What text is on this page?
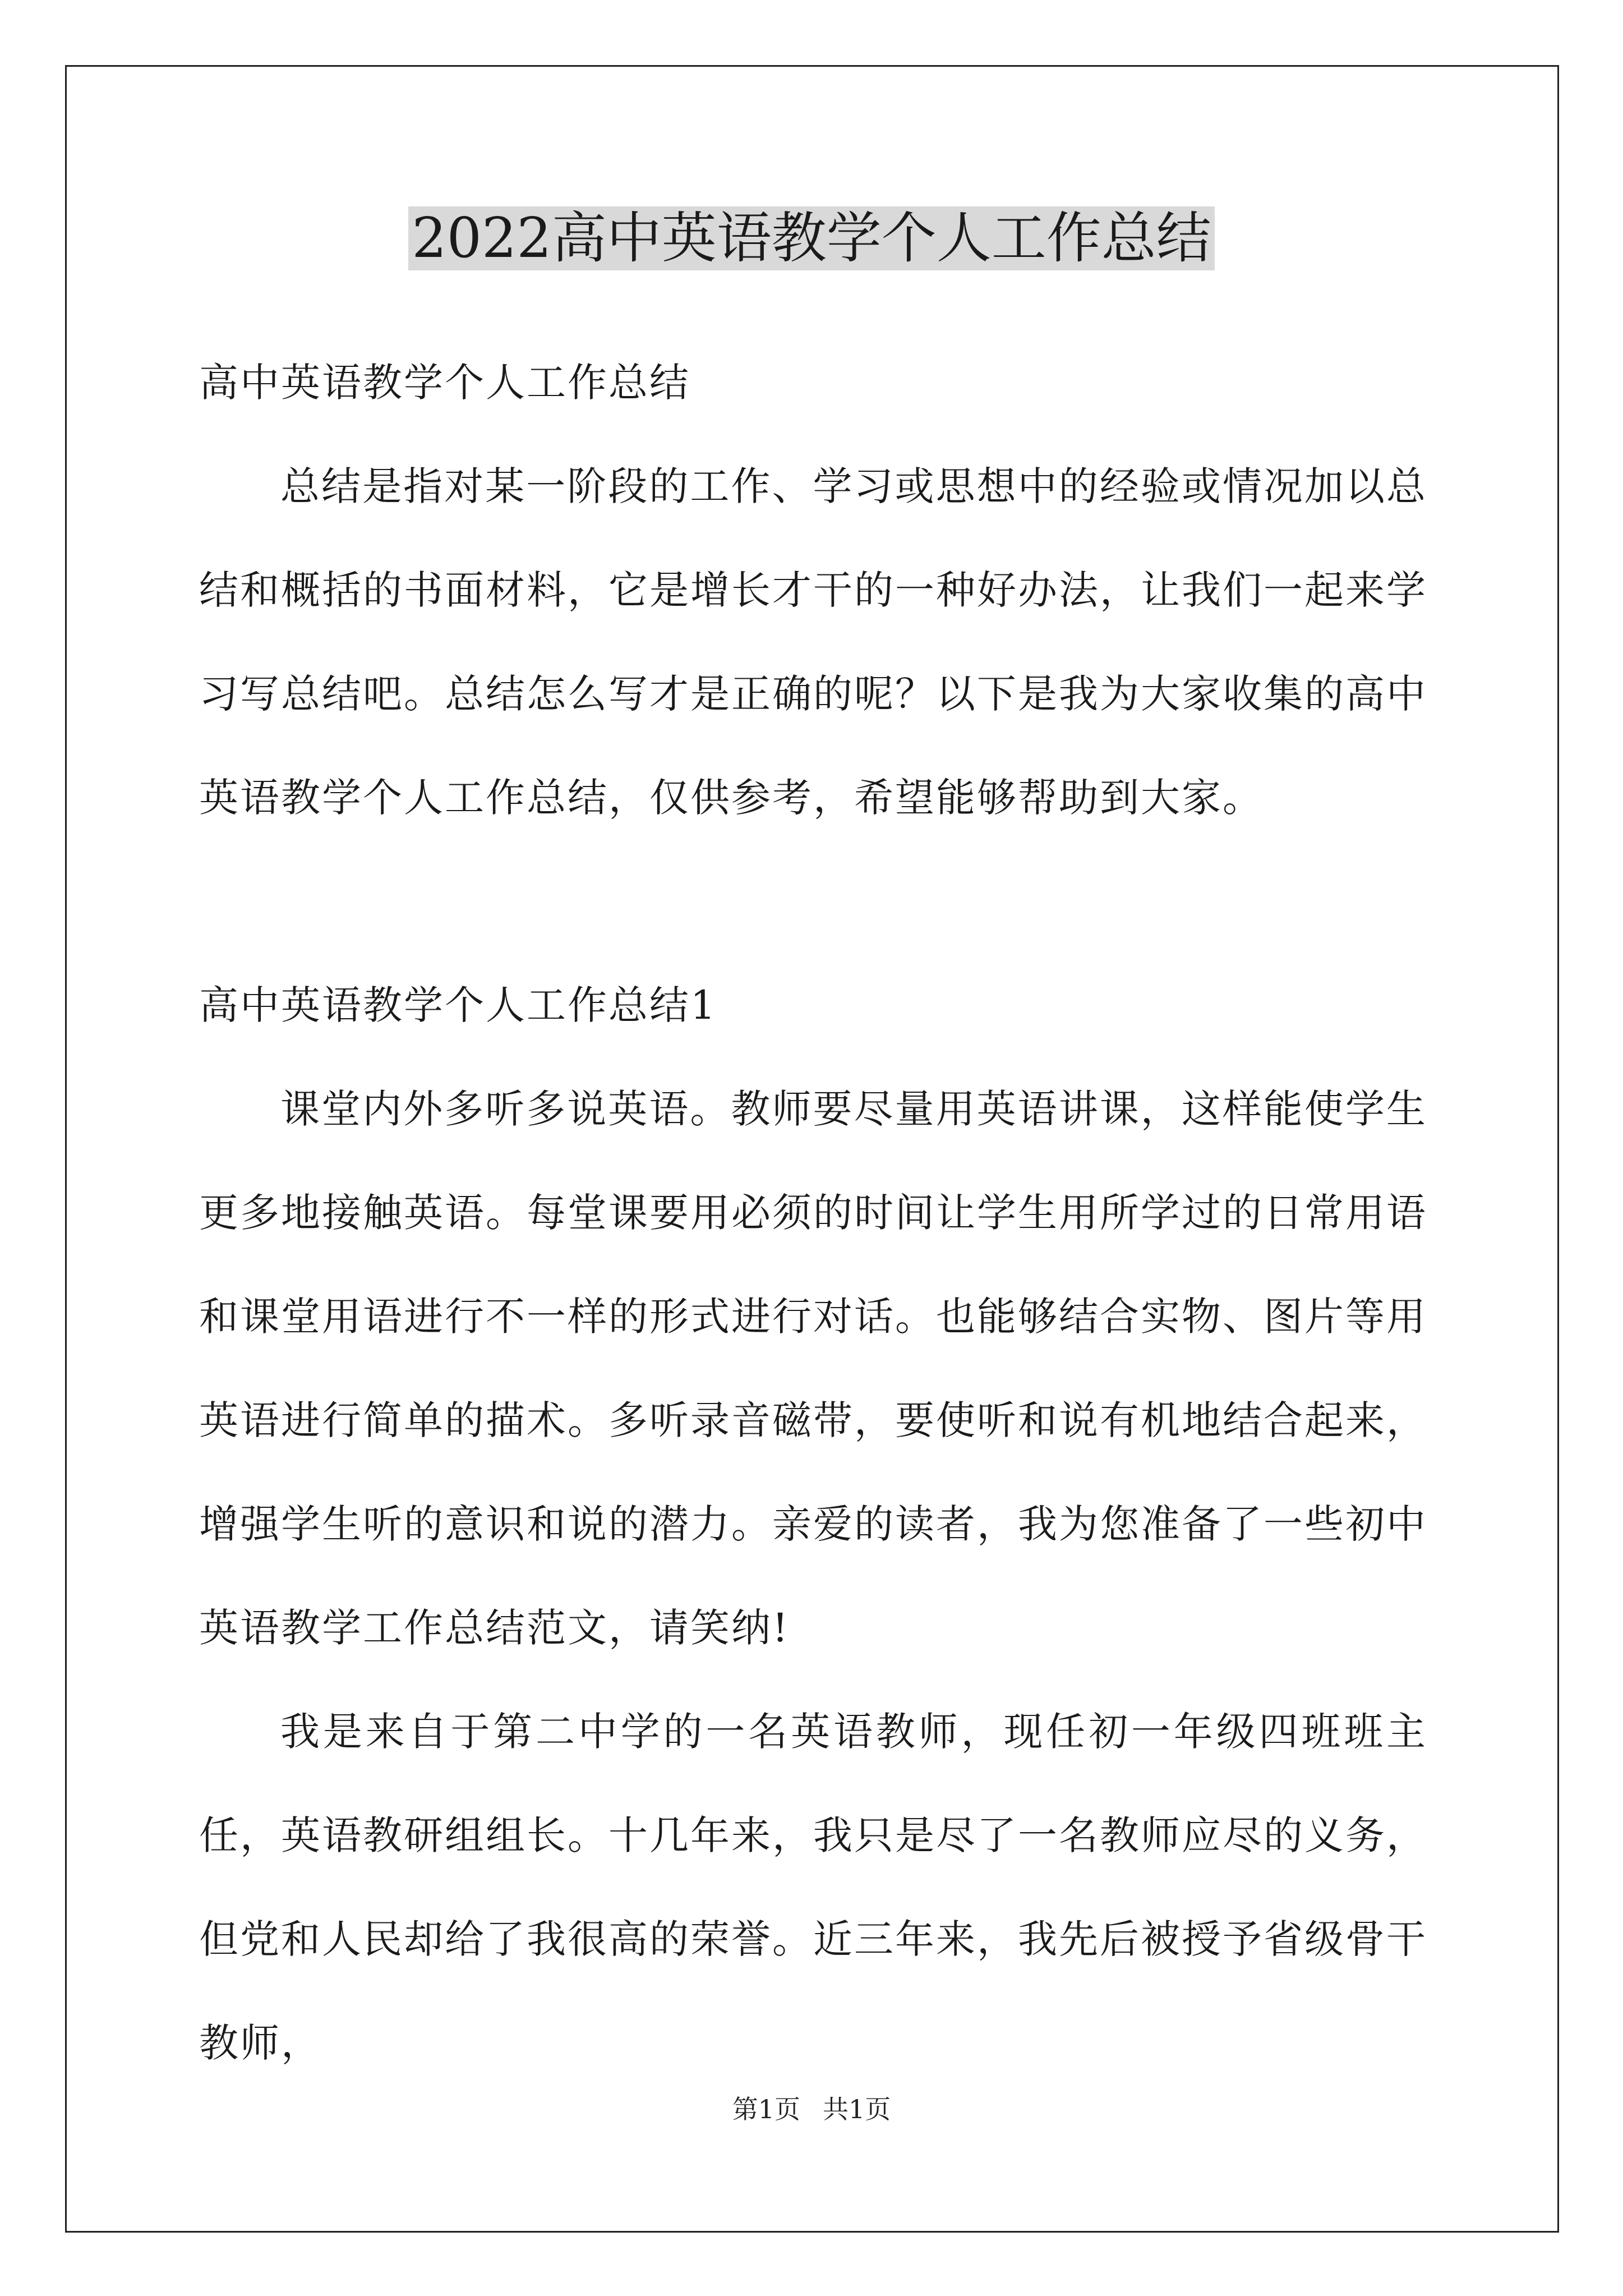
2022高中英语教学个人工作总结

高中英语教学个人工作总结

总结是指对某一阶段的工作、学习或思想中的经验或情况加以总结和概括的书面材料，它是增长才干的一种好办法，让我们一起来学习写总结吧。总结怎么写才是正确的呢？以下是我为大家收集的高中英语教学个人工作总结，仅供参考，希望能够帮助到大家。

高中英语教学个人工作总结1

课堂内外多听多说英语。教师要尽量用英语讲课，这样能使学生更多地接触英语。每堂课要用必须的时间让学生用所学过的日常用语和课堂用语进行不一样的形式进行对话。也能够结合实物、图片等用英语进行简单的描术。多听录音磁带，要使听和说有机地结合起来，增强学生听的意识和说的潜力。亲爱的读者，我为您准备了一些初中英语教学工作总结范文，请笑纳!

我是来自于第二中学的一名英语教师，现任初一年级四班班主任，英语教研组组长。十几年来，我只是尽了一名教师应尽的义务，但党和人民却给了我很高的荣誉。近三年来，我先后被授予省级骨干教师，

第1页 共1页
